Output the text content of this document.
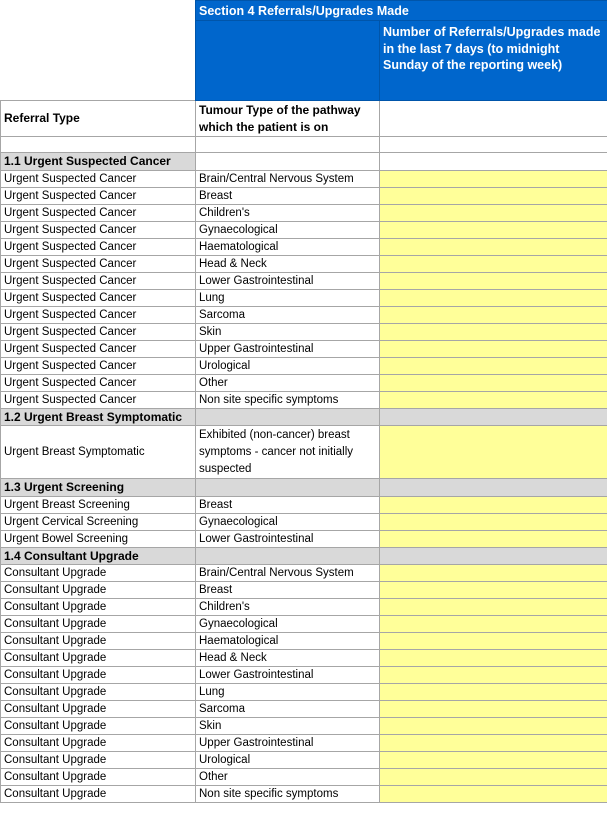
	Section 4 Referrals/Upgrades Made	
		Number of Referrals/Upgrades made in the last 7 days (to midnight Sunday of the reporting week)
Referral Type	Tumour Type of the pathway which the patient is on	

1.1 Urgent Suspected Cancer		
Urgent Suspected Cancer	Brain/Central Nervous System	
Urgent Suspected Cancer	Breast	
Urgent Suspected Cancer	Children's	
Urgent Suspected Cancer	Gynaecological	
Urgent Suspected Cancer	Haematological	
Urgent Suspected Cancer	Head & Neck	
Urgent Suspected Cancer	Lower Gastrointestinal	
Urgent Suspected Cancer	Lung	
Urgent Suspected Cancer	Sarcoma	
Urgent Suspected Cancer	Skin	
Urgent Suspected Cancer	Upper Gastrointestinal	
Urgent Suspected Cancer	Urological	
Urgent Suspected Cancer	Other	
Urgent Suspected Cancer	Non site specific symptoms	
1.2 Urgent Breast Symptomatic		
Urgent Breast Symptomatic	Exhibited (non-cancer) breast symptoms - cancer not initially suspected	
1.3 Urgent Screening		
Urgent Breast Screening	Breast	
Urgent Cervical Screening	Gynaecological	
Urgent Bowel Screening	Lower Gastrointestinal	
1.4 Consultant Upgrade		
Consultant Upgrade	Brain/Central Nervous System	
Consultant Upgrade	Breast	
Consultant Upgrade	Children's	
Consultant Upgrade	Gynaecological	
Consultant Upgrade	Haematological	
Consultant Upgrade	Head & Neck	
Consultant Upgrade	Lower Gastrointestinal	
Consultant Upgrade	Lung	
Consultant Upgrade	Sarcoma	
Consultant Upgrade	Skin	
Consultant Upgrade	Upper Gastrointestinal	
Consultant Upgrade	Urological	
Consultant Upgrade	Other	
Consultant Upgrade	Non site specific symptoms	
